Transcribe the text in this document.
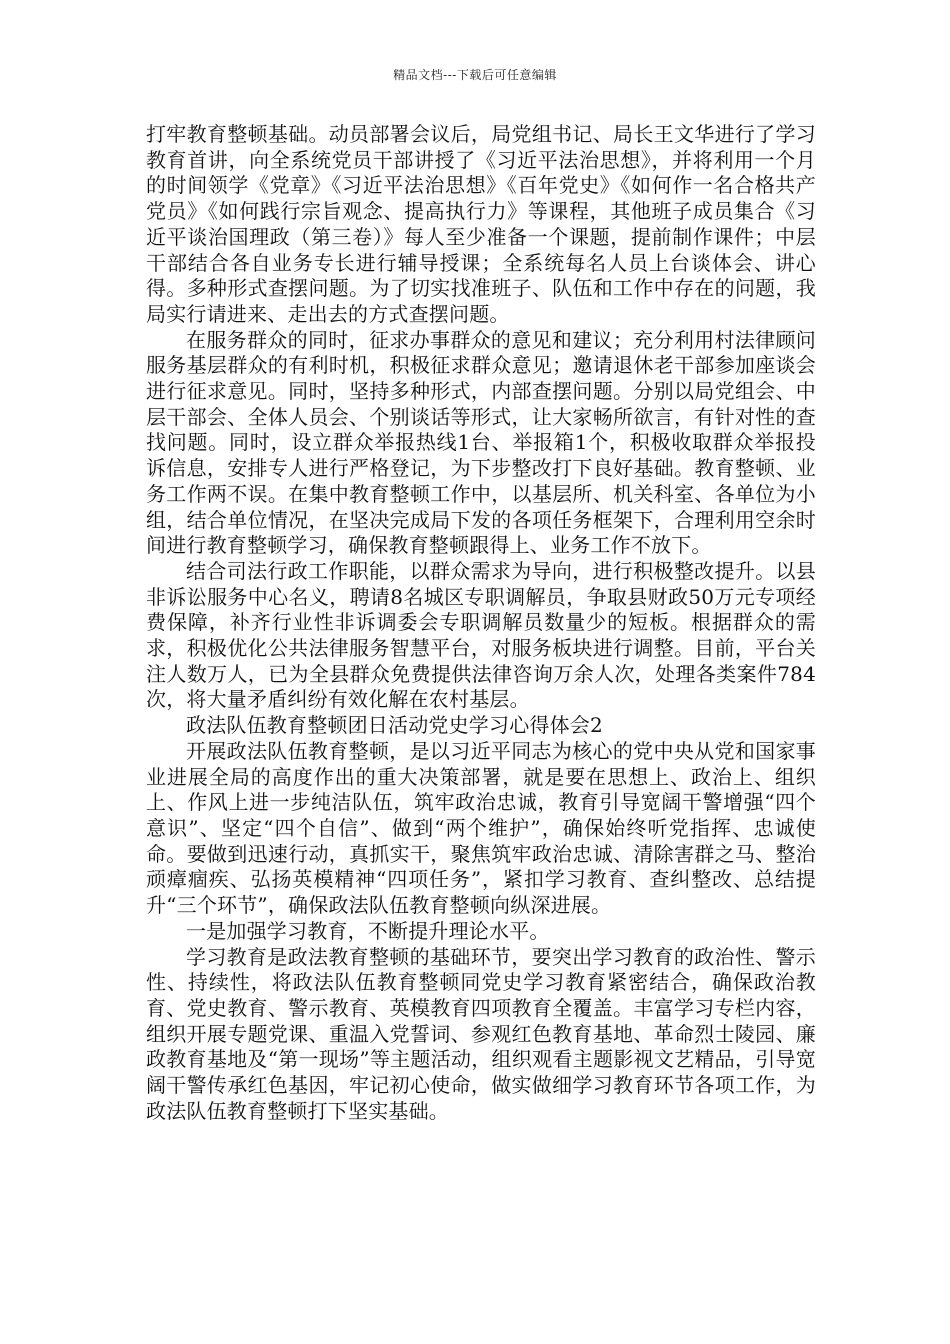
精品文档---下载后可任意编辑

打牢教育整顿基础。动员部署会议后，局党组书记、局长王文华进行了学习教育首讲，向全系统党员干部讲授了《习近平法治思想》，并将利用一个月的时间领学《党章》《习近平法治思想》《百年党史》《如何作一名合格共产党员》《如何践行宗旨观念、提高执行力》等课程，其他班子成员集合《习近平谈治国理政（第三卷）》每人至少准备一个课题，提前制作课件；中层干部结合各自业务专长进行辅导授课；全系统每名人员上台谈体会、讲心得。多种形式查摆问题。为了切实找准班子、队伍和工作中存在的问题，我局实行请进来、走出去的方式查摆问题。

在服务群众的同时，征求办事群众的意见和建议；充分利用村法律顾问服务基层群众的有利时机，积极征求群众意见；邀请退休老干部参加座谈会进行征求意见。同时，坚持多种形式，内部查摆问题。分别以局党组会、中层干部会、全体人员会、个别谈话等形式，让大家畅所欲言，有针对性的查找问题。同时，设立群众举报热线1台、举报箱1个，积极收取群众举报投诉信息，安排专人进行严格登记，为下步整改打下良好基础。教育整顿、业务工作两不误。在集中教育整顿工作中，以基层所、机关科室、各单位为小组，结合单位情况，在坚决完成局下发的各项任务框架下，合理利用空余时间进行教育整顿学习，确保教育整顿跟得上、业务工作不放下。

结合司法行政工作职能，以群众需求为导向，进行积极整改提升。以县非诉讼服务中心名义，聘请8名城区专职调解员，争取县财政50万元专项经费保障，补齐行业性非诉调委会专职调解员数量少的短板。根据群众的需求，积极优化公共法律服务智慧平台，对服务板块进行调整。目前，平台关注人数万人，已为全县群众免费提供法律咨询万余人次，处理各类案件784次，将大量矛盾纠纷有效化解在农村基层。

政法队伍教育整顿团日活动党史学习心得体会2

开展政法队伍教育整顿，是以习近平同志为核心的党中央从党和国家事业进展全局的高度作出的重大决策部署，就是要在思想上、政治上、组织上、作风上进一步纯洁队伍，筑牢政治忠诚，教育引导宽阔干警增强“四个意识”、坚定“四个自信”、做到“两个维护”，确保始终听党指挥、忠诚使命。要做到迅速行动，真抓实干，聚焦筑牢政治忠诚、清除害群之马、整治顽瘴痼疾、弘扬英模精神“四项任务”，紧扣学习教育、查纠整改、总结提升“三个环节”，确保政法队伍教育整顿向纵深进展。

一是加强学习教育，不断提升理论水平。

学习教育是政法教育整顿的基础环节，要突出学习教育的政治性、警示性、持续性，将政法队伍教育整顿同党史学习教育紧密结合，确保政治教育、党史教育、警示教育、英模教育四项教育全覆盖。丰富学习专栏内容，组织开展专题党课、重温入党誓词、参观红色教育基地、革命烈士陵园、廉政教育基地及“第一现场”等主题活动，组织观看主题影视文艺精品，引导宽阔干警传承红色基因，牢记初心使命，做实做细学习教育环节各项工作，为政法队伍教育整顿打下坚实基础。
